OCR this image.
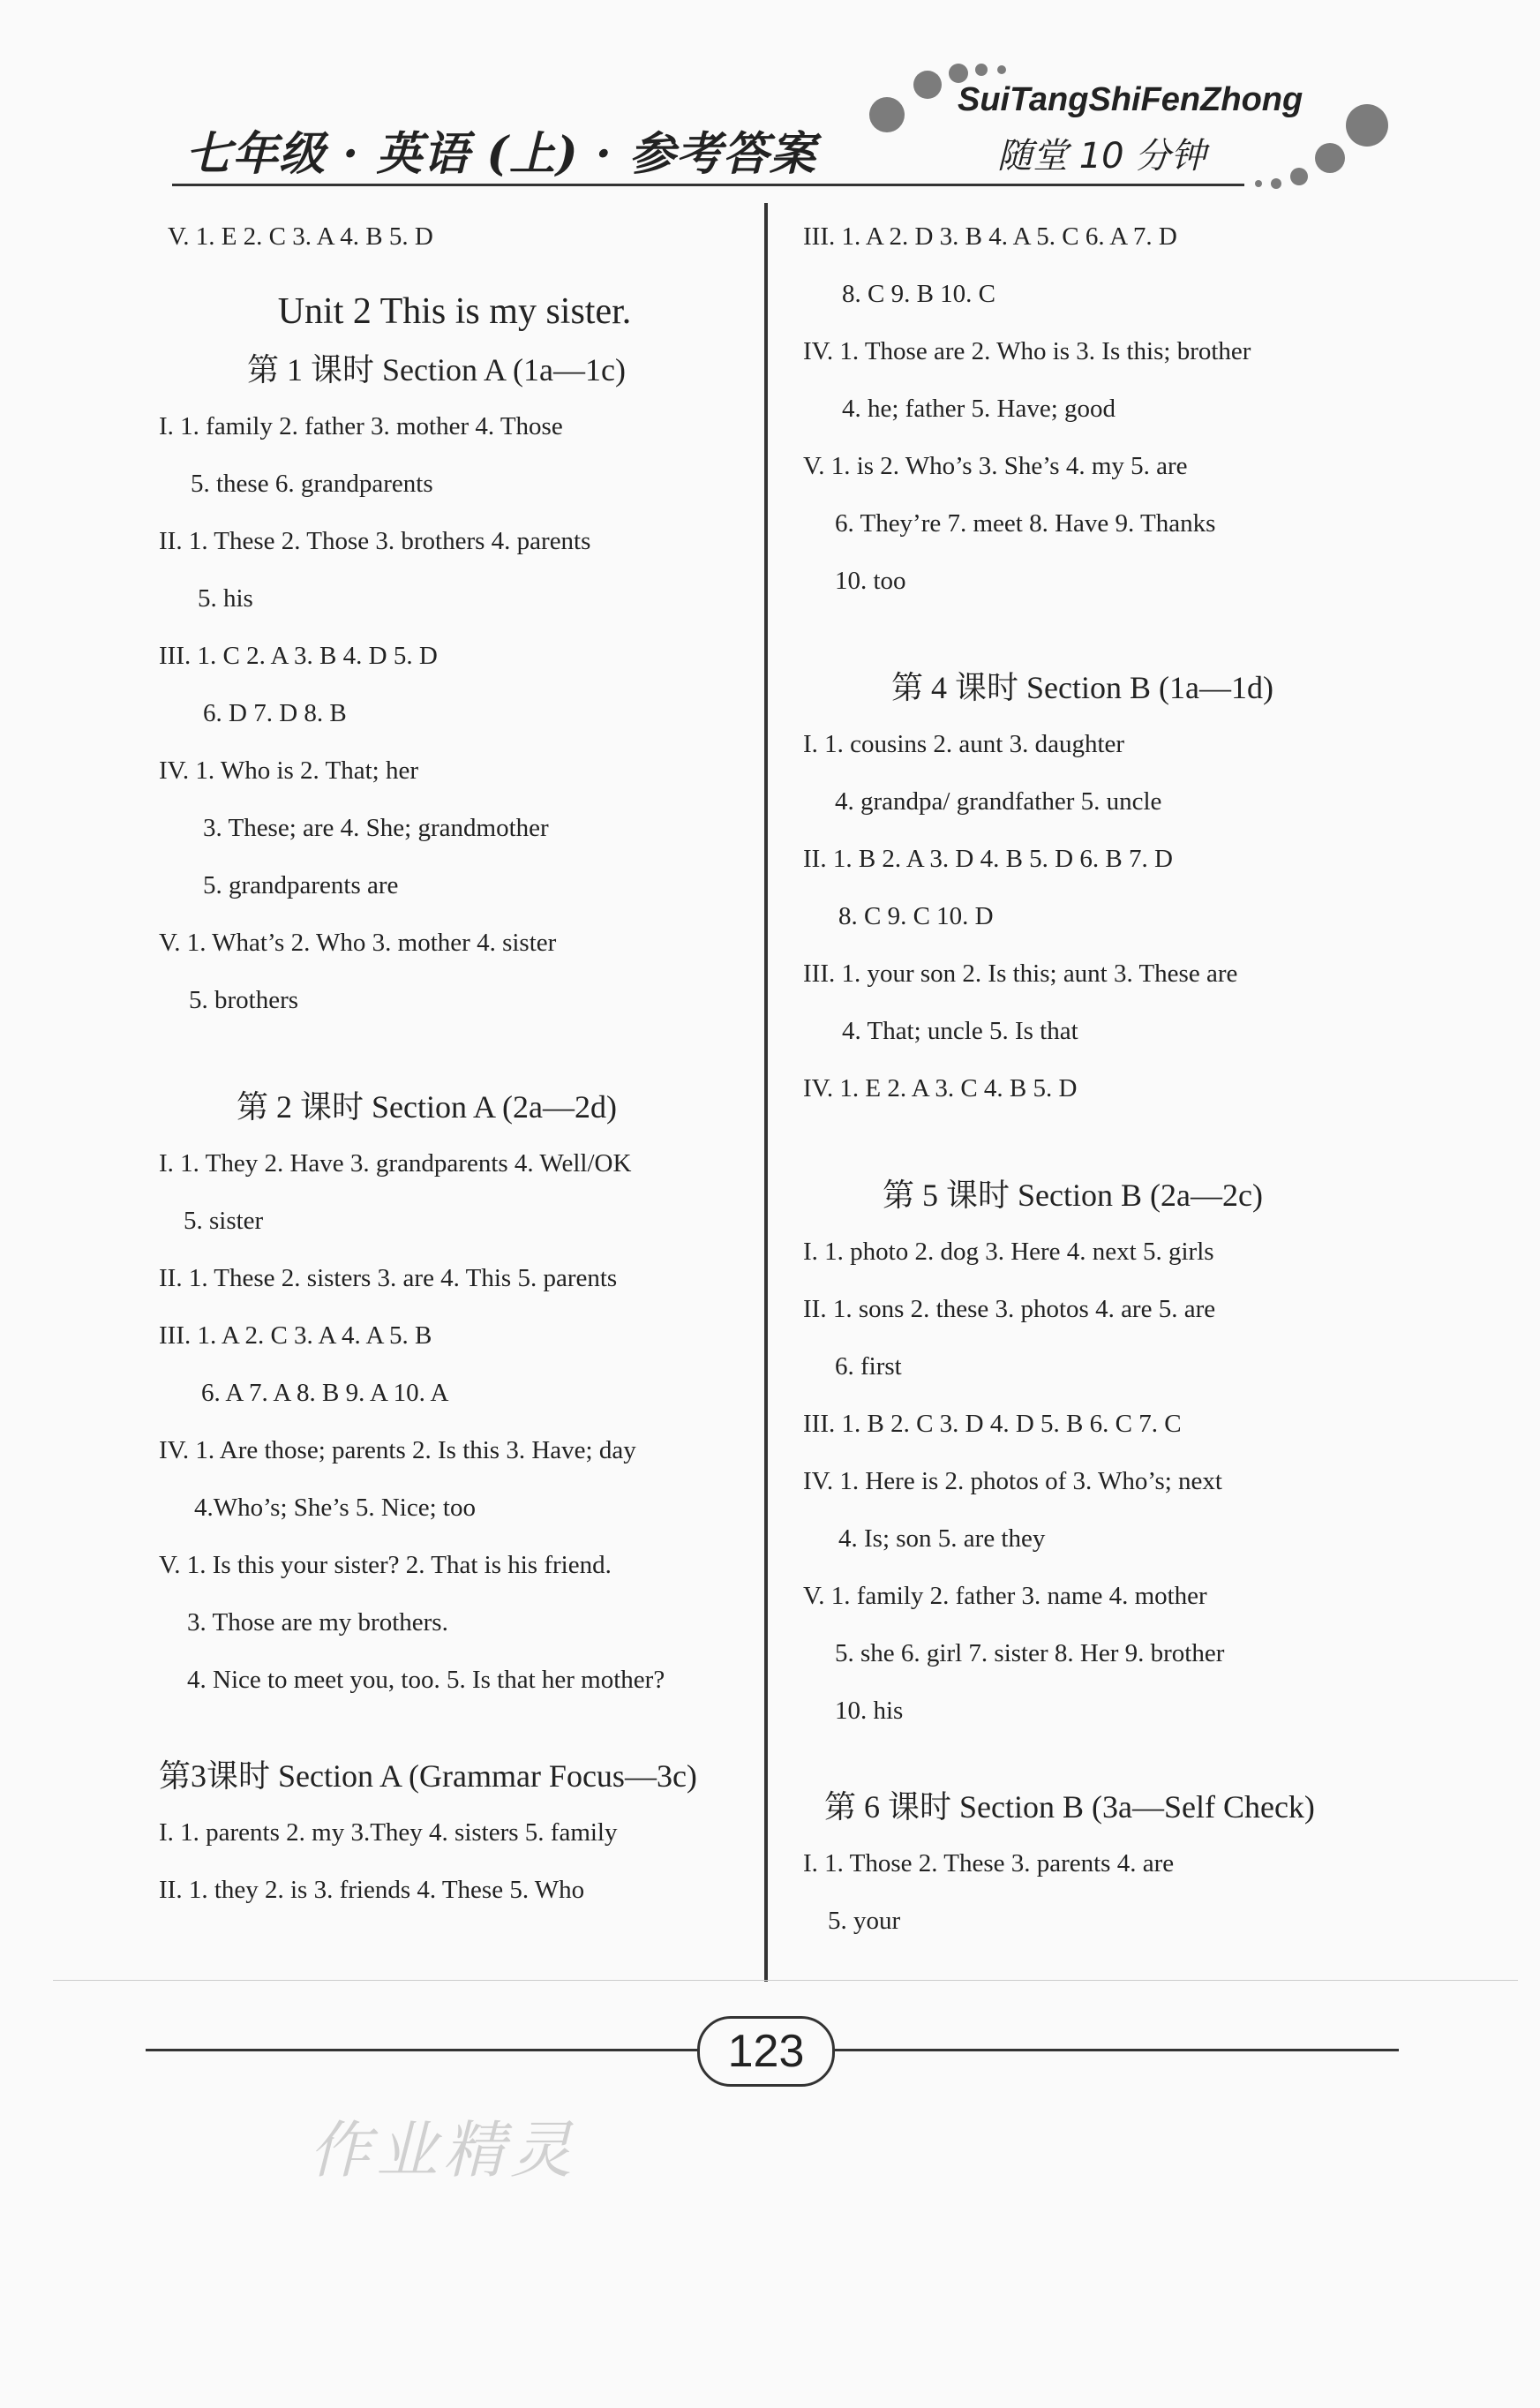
七年级 · 英语 (上) · 参考答案
SuiTangShiFenZhong
随堂 10 分钟
V. 1. E 2. C 3. A 4. B 5. D
Unit 2 This is my sister.
第 1 课时 Section A (1a—1c)
I. 1. family 2. father 3. mother 4. Those
5. these 6. grandparents
II. 1. These 2. Those 3. brothers 4. parents
5. his
III. 1. C 2. A 3. B 4. D 5. D
6. D 7. D 8. B
IV. 1. Who is 2. That; her
3. These; are 4. She; grandmother
5. grandparents are
V. 1. What’s 2. Who 3. mother 4. sister
5. brothers
第 2 课时 Section A (2a—2d)
I. 1. They 2. Have 3. grandparents 4. Well/OK
5. sister
II. 1. These 2. sisters 3. are 4. This 5. parents
III. 1. A 2. C 3. A 4. A 5. B
6. A 7. A 8. B 9. A 10. A
IV. 1. Are those; parents 2. Is this 3. Have; day
4.Who’s; She’s 5. Nice; too
V. 1. Is this your sister? 2. That is his friend.
3. Those are my brothers.
4. Nice to meet you, too. 5. Is that her mother?
第3课时 Section A (Grammar Focus—3c)
I. 1. parents 2. my 3.They 4. sisters 5. family
II. 1. they 2. is 3. friends 4. These 5. Who
III. 1. A 2. D 3. B 4. A 5. C 6. A 7. D
8. C 9. B 10. C
IV. 1. Those are 2. Who is 3. Is this; brother
4. he; father 5. Have; good
V. 1. is 2. Who’s 3. She’s 4. my 5. are
6. They’re 7. meet 8. Have 9. Thanks
10. too
第 4 课时 Section B (1a—1d)
I. 1. cousins 2. aunt 3. daughter
4. grandpa/ grandfather 5. uncle
II. 1. B 2. A 3. D 4. B 5. D 6. B 7. D
8. C 9. C 10. D
III. 1. your son 2. Is this; aunt 3. These are
4. That; uncle 5. Is that
IV. 1. E 2. A 3. C 4. B 5. D
第 5 课时 Section B (2a—2c)
I. 1. photo 2. dog 3. Here 4. next 5. girls
II. 1. sons 2. these 3. photos 4. are 5. are
6. first
III. 1. B 2. C 3. D 4. D 5. B 6. C 7. C
IV. 1. Here is 2. photos of 3. Who’s; next
4. Is; son 5. are they
V. 1. family 2. father 3. name 4. mother
5. she 6. girl 7. sister 8. Her 9. brother
10. his
第 6 课时 Section B (3a—Self Check)
I. 1. Those 2. These 3. parents 4. are
5. your
123
作业精灵
